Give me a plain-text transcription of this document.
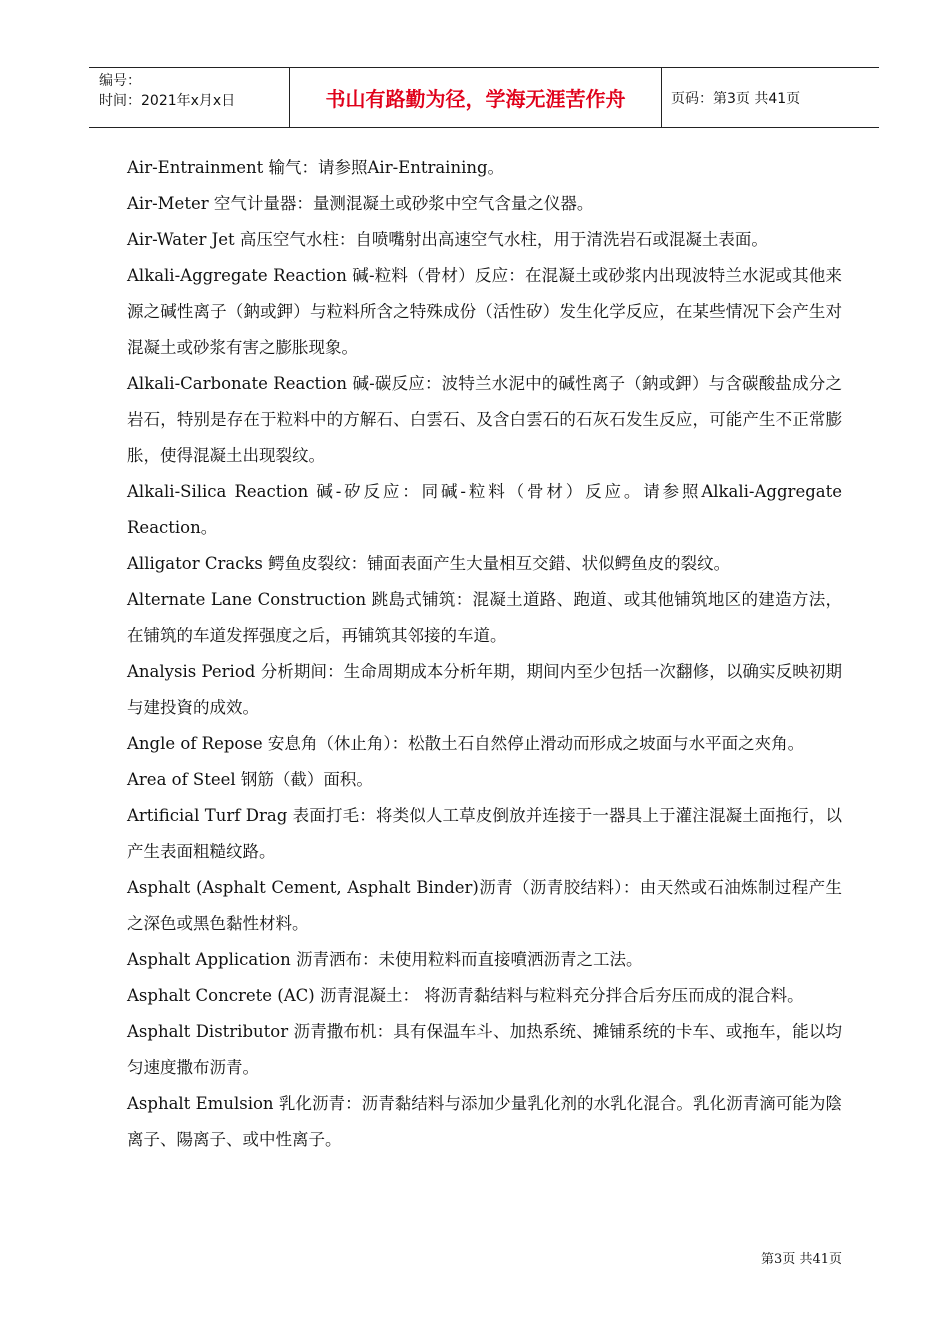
编号：
时间：2021年x月x日	书山有路勤为径，学海无涯苦作舟	页码：第3页 共41页

Air-Entrainment 输气：请参照Air-Entraining。

Air-Meter 空气计量器：量测混凝土或砂浆中空气含量之仪器。

Air-Water Jet 高压空气水柱：自喷嘴射出高速空气水柱，用于清洗岩石或混凝土表面。

Alkali-Aggregate Reaction 碱-粒料（骨材）反应：在混凝土或砂浆内出现波特兰水泥或其他来源之碱性离子（鈉或鉀）与粒料所含之特殊成份（活性矽）发生化学反应，在某些情况下会产生对混凝土或砂浆有害之膨胀现象。

Alkali-Carbonate Reaction 碱-碳反应：波特兰水泥中的碱性离子（鈉或鉀）与含碳酸盐成分之岩石，特别是存在于粒料中的方解石、白雲石、及含白雲石的石灰石发生反应，可能产生不正常膨胀，使得混凝土出现裂纹。

Alkali-Silica Reaction 碱-矽反应：同碱-粒料（骨材）反应。请参照Alkali-Aggregate Reaction。

Alligator Cracks 鳄鱼皮裂纹：铺面表面产生大量相互交錯、状似鳄鱼皮的裂纹。

Alternate Lane Construction 跳島式铺筑：混凝土道路、跑道、或其他铺筑地区的建造方法，在铺筑的车道发挥强度之后，再铺筑其邻接的车道。

Analysis Period 分析期间：生命周期成本分析年期，期间内至少包括一次翻修，以确实反映初期与建投資的成效。

Angle of Repose 安息角（休止角）：松散土石自然停止滑动而形成之坡面与水平面之夾角。

Area of Steel 钢筋（截）面积。

Artificial Turf Drag 表面打毛：将类似人工草皮倒放并连接于一器具上于灌注混凝土面拖行，以产生表面粗糙纹路。

Asphalt (Asphalt Cement, Asphalt Binder)沥青（沥青胶结料）：由天然或石油炼制过程产生之深色或黑色黏性材料。

Asphalt Application 沥青洒布：未使用粒料而直接噴洒沥青之工法。

Asphalt Concrete (AC) 沥青混凝土： 将沥青黏结料与粒料充分拌合后夯压而成的混合料。

Asphalt Distributor 沥青撒布机：具有保温车斗、加热系统、摊铺系统的卡车、或拖车，能以均匀速度撒布沥青。

Asphalt Emulsion 乳化沥青：沥青黏结料与添加少量乳化剂的水乳化混合。乳化沥青滴可能为陰离子、陽离子、或中性离子。

第3页 共41页
